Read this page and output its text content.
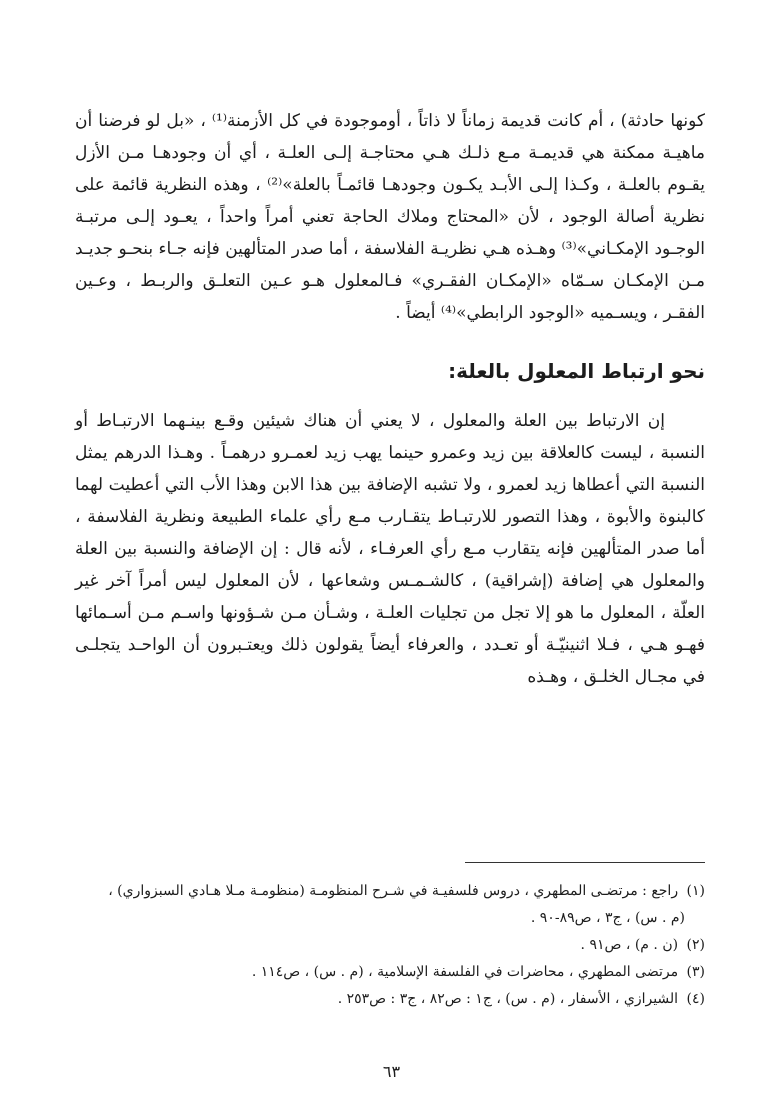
كونها حادثة) ، أم كانت قديمة زماناً لا ذاتاً ، أوموجودة في كل الأزمنة⁽¹⁾ ، «بل لو فرضنا أن ماهيـة ممكنة هي قديمـة مـع ذلـك هـي محتاجـة إلـى العلـة ، أي أن وجودهـا مـن الأزل يقـوم بالعلـة ، وكـذا إلـى الأبـد يكـون وجودهـا قائمـاً بالعلة»⁽²⁾ ، وهذه النظرية قائمة على نظرية أصالة الوجود ، لأن «المحتاج وملاك الحاجة تعني أمراً واحداً ، يعـود إلـى مرتبـة الوجـود الإمكـاني»⁽³⁾ وهـذه هـي نظريـة الفلاسفة ، أما صدر المتألهين فإنه جـاء بنحـو جديـد مـن الإمكـان سـمّاه «الإمكـان الفقـري» فـالمعلول هـو عـين التعلـق والربـط ، وعـين الفقـر ، ويسـميه «الوجود الرابطي»⁽⁴⁾ أيضاً .

نحو ارتباط المعلول بالعلة:

إن الارتباط بين العلة والمعلول ، لا يعني أن هناك شيئين وقـع بينـهما الارتبـاط أو النسبة ، ليست كالعلاقة بين زيد وعمرو حينما يهب زيد لعمـرو درهمـاً . وهـذا الدرهم يمثل النسبة التي أعطاها زيد لعمرو ، ولا تشبه الإضافة بين هذا الابن وهذا الأب التي أعطيت لهما كالبنوة والأبوة ، وهذا التصور للارتبـاط يتقـارب مـع رأي علماء الطبيعة ونظرية الفلاسفة ، أما صدر المتألهين فإنه يتقارب مـع رأي العرفـاء ، لأنه قال : إن الإضافة والنسبة بين العلة والمعلول هي إضافة (إشراقية) ، كالشـمـس وشعاعها ، لأن المعلول ليس أمراً آخر غير العلّة ، المعلول ما هو إلا تجل من تجليات العلـة ، وشـأن مـن شـؤونها واسـم مـن أسـمائها فهـو هـي ، فـلا اثنينيّـة أو تعـدد ، والعرفاء أيضاً يقولون ذلك ويعتـبرون أن الواحـد يتجلـى في مجـال الخلـق ، وهـذه

(١) راجع : مرتضـى المطهري ، دروس فلسفيـة في شـرح المنظومـة (منظومـة مـلا هـادي السبزواري) ،

(م . س) ، ج٣ ، ص٨٩-٩٠ .

(٢) (ن . م) ، ص٩١ .

(٣) مرتضى المطهري ، محاضرات في الفلسفة الإسلامية ، (م . س) ، ص١١٤ .

(٤) الشيرازي ، الأسفار ، (م . س) ، ج١ : ص٨٢ ، ج٣ : ص٢٥٣ .

٦٣
